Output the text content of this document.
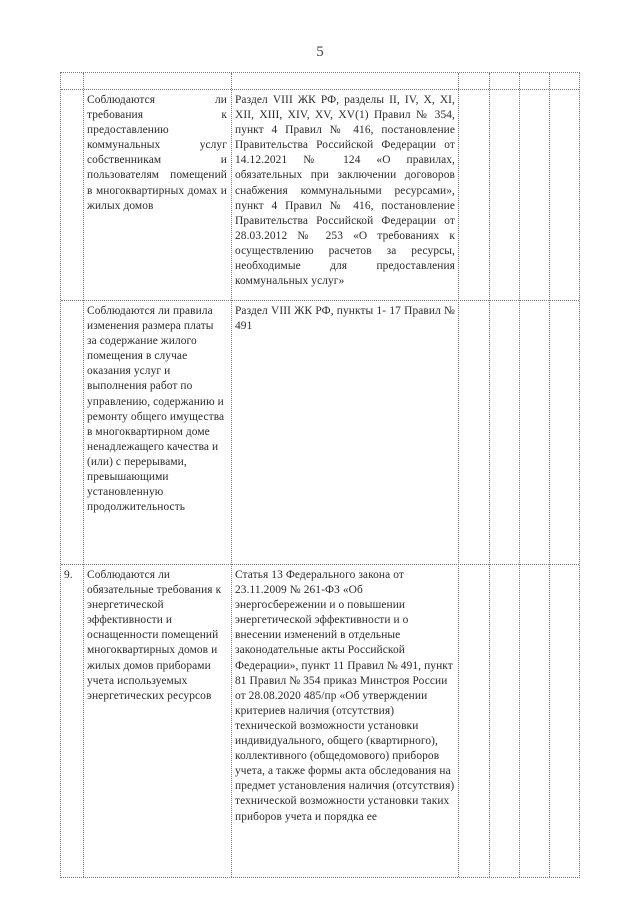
5
Соблюдаются ли требования к предоставлению коммунальных услуг собственникам и пользователям помещений в многоквартирных домах и жилых домов
Раздел VIII ЖК РФ, разделы II, IV, X, XI, XII, XIII, XIV, XV, XV(1) Правил № 354, пункт 4 Правил № 416, постановление Правительства Российской Федерации от 14.12.2021 № 124 «О правилах, обязательных при заключении договоров снабжения коммунальными ресурсами», пункт 4 Правил № 416, постановление Правительства Российской Федерации от 28.03.2012 № 253 «О требованиях к осуществлению расчетов за ресурсы, необходимые для предоставления коммунальных услуг»
Соблюдаются ли правила изменения размера платы за содержание жилого помещения в случае оказания услуг и выполнения работ по управлению, содержанию и ремонту общего имущества в многоквартирном доме ненадлежащего качества и (или) с перерывами, превышающими установленную продолжительность
Раздел VIII ЖК РФ, пункты 1- 17 Правил № 491
9.	Соблюдаются ли обязательные требования к энергетической эффективности и оснащенности помещений многоквартирных домов и жилых домов приборами учета используемых энергетических ресурсов
Статья 13 Федерального закона от 23.11.2009 № 261-ФЗ «Об энергосбережении и о повышении энергетической эффективности и о внесении изменений в отдельные законодательные акты Российской Федерации», пункт 11 Правил № 491, пункт 81 Правил № 354 приказ Минстроя России от 28.08.2020 485/пр «Об утверждении критериев наличия (отсутствия) технической возможности установки индивидуального, общего (квартирного), коллективного (общедомового) приборов учета, а также формы акта обследования на предмет установления наличия (отсутствия) технической возможности установки таких приборов учета и порядка ее
